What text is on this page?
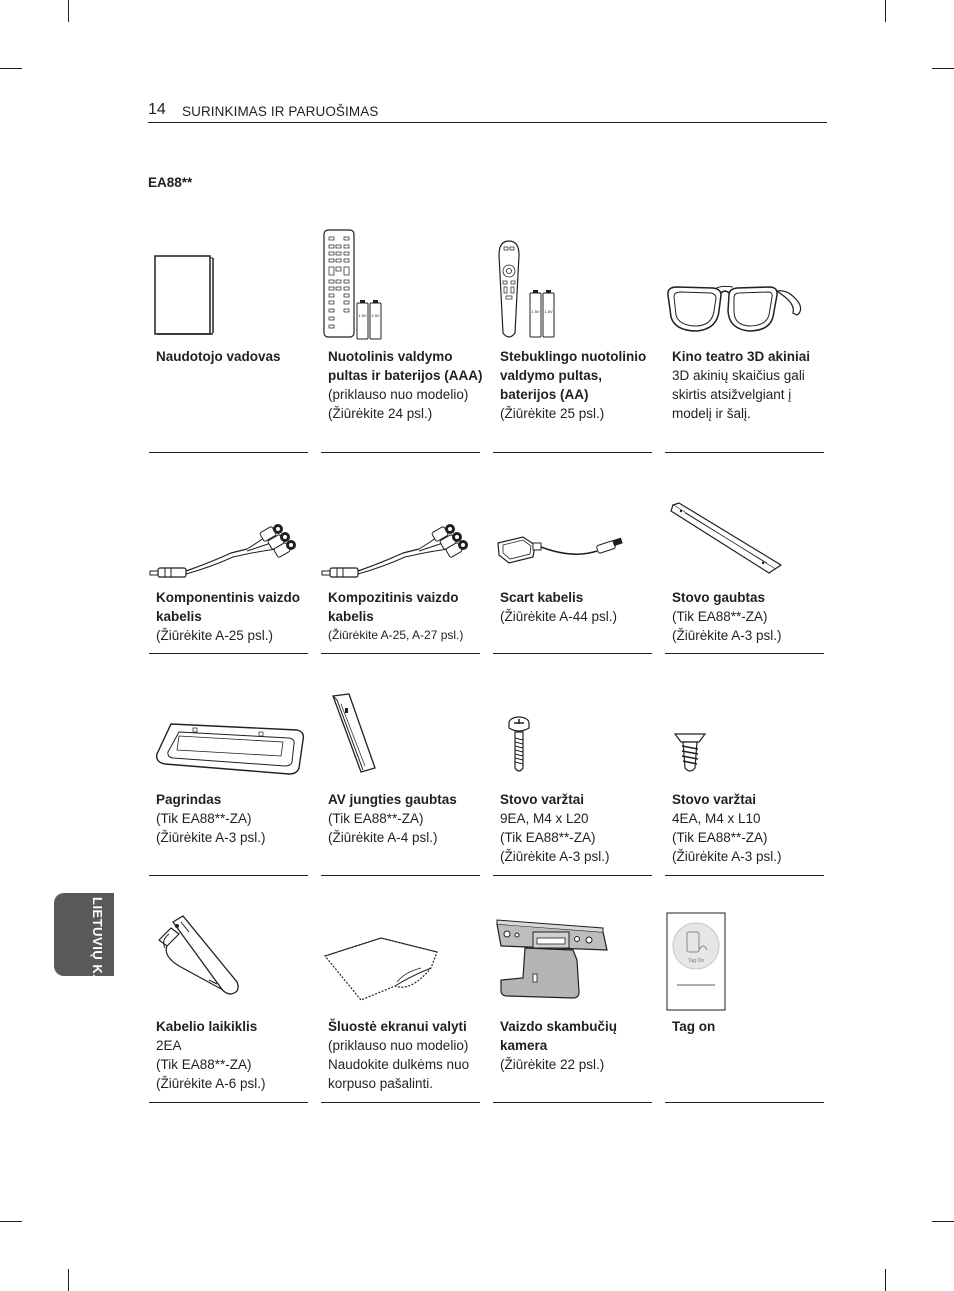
14 SURINKIMAS IR PARUOŠIMAS
EA88**
LIETUVIŲ K.
Naudotojo vadovas
1.5V 1.5V
Nuotolinis valdymo pultas ir baterijos (AAA)
(priklauso nuo modelio)
(Žiūrėkite 24 psl.)
1.5V 1.5V
Stebuklingo nuotolinio valdymo pultas, baterijos (AA)
(Žiūrėkite 25 psl.)
Kino teatro 3D akiniai
3D akinių skaičius gali skirtis atsižvelgiant į modelį ir šalį.
Komponentinis vaizdo kabelis
(Žiūrėkite A-25 psl.)
Kompozitinis vaizdo kabelis
(Žiūrėkite A-25, A-27 psl.)
Scart kabelis
(Žiūrėkite A-44 psl.)
Stovo gaubtas
(Tik EA88**-ZA)
(Žiūrėkite A-3 psl.)
Pagrindas
(Tik EA88**-ZA)
(Žiūrėkite A-3 psl.)
AV jungties gaubtas
(Tik EA88**-ZA)
(Žiūrėkite A-4 psl.)
Stovo varžtai
9EA, M4 x L20
(Tik EA88**-ZA)
(Žiūrėkite A-3 psl.)
Stovo varžtai
4EA, M4 x L10
(Tik EA88**-ZA)
(Žiūrėkite A-3 psl.)
Kabelio laikiklis
2EA
(Tik EA88**-ZA)
(Žiūrėkite A-6 psl.)
Šluostė ekranui valyti
(priklauso nuo modelio)
Naudokite dulkėms nuo korpuso pašalinti.
Vaizdo skambučių kamera
(Žiūrėkite 22 psl.)
Tag On
Tag on
